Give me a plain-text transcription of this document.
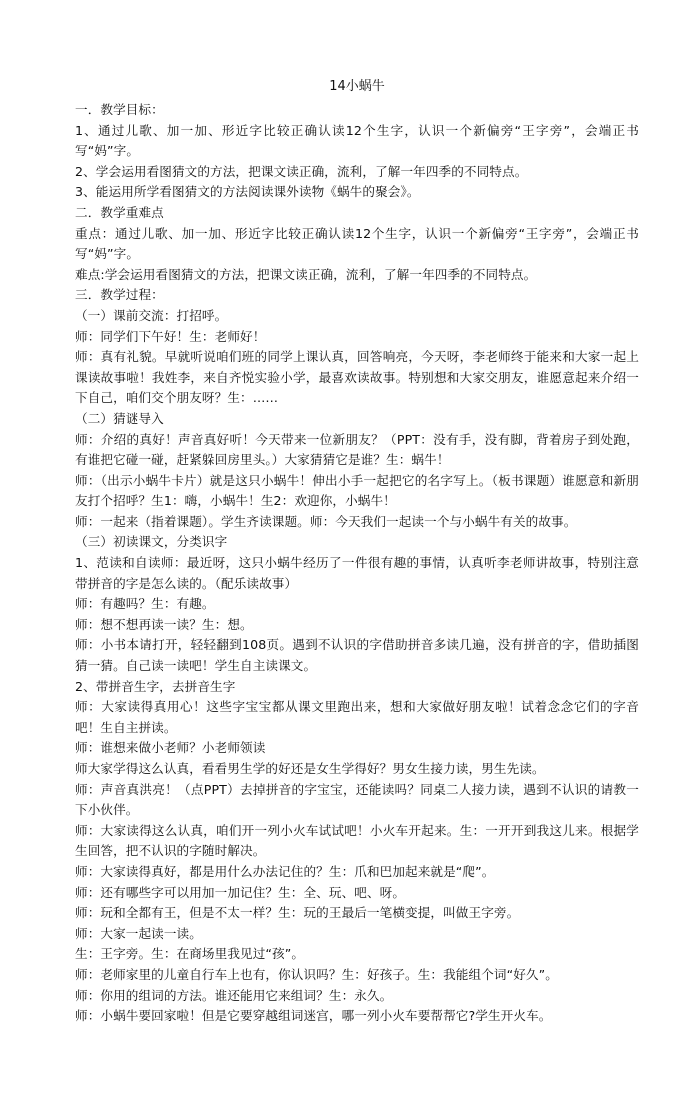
14小蜗牛

一．教学目标：

1、通过儿歌、加一加、形近字比较正确认读12个生字，认识一个新偏旁“王字旁”，会端正书写“妈”字。

2、学会运用看图猜文的方法，把课文读正确，流利，了解一年四季的不同特点。

3、能运用所学看图猜文的方法阅读课外读物《蜗牛的聚会》。

二．教学重难点

重点：通过儿歌、加一加、形近字比较正确认读12个生字，认识一个新偏旁“王字旁”，会端正书写“妈”字。

难点:学会运用看图猜文的方法，把课文读正确，流利，了解一年四季的不同特点。

三．教学过程：

（一）课前交流：打招呼。

师：同学们下午好！生：老师好！

师：真有礼貌。早就听说咱们班的同学上课认真，回答响亮，今天呀，李老师终于能来和大家一起上课读故事啦！我姓李，来自齐悦实验小学，最喜欢读故事。特别想和大家交朋友，谁愿意起来介绍一下自己，咱们交个朋友呀？生：……

（二）猜谜导入

师：介绍的真好！声音真好听！今天带来一位新朋友？（PPT：没有手，没有脚，背着房子到处跑，有谁把它碰一碰，赶紧躲回房里头。）大家猜猜它是谁？生：蜗牛！

师：（出示小蜗牛卡片）就是这只小蜗牛！伸出小手一起把它的名字写上。（板书课题）谁愿意和新朋友打个招呼？生1：嗨，小蜗牛！生2：欢迎你，小蜗牛！

师：一起来（指着课题）。学生齐读课题。师：今天我们一起读一个与小蜗牛有关的故事。

（三）初读课文，分类识字

1、范读和自读师：最近呀，这只小蜗牛经历了一件很有趣的事情，认真听李老师讲故事，特别注意带拼音的字是怎么读的。（配乐读故事）

师：有趣吗？生：有趣。

师：想不想再读一读？生：想。

师：小书本请打开，轻轻翻到108页。遇到不认识的字借助拼音多读几遍，没有拼音的字，借助插图猜一猜。自己读一读吧！学生自主读课文。

2、带拼音生字，去拼音生字

师：大家读得真用心！这些字宝宝都从课文里跑出来，想和大家做好朋友啦！试着念念它们的字音吧！生自主拼读。

师：谁想来做小老师？小老师领读

师大家学得这么认真，看看男生学的好还是女生学得好？男女生接力读，男生先读。

师：声音真洪亮！（点PPT）去掉拼音的字宝宝，还能读吗？同桌二人接力读，遇到不认识的请教一下小伙伴。

师：大家读得这么认真，咱们开一列小火车试试吧！小火车开起来。生：一开开到我这儿来。根据学生回答，把不认识的字随时解决。

师：大家读得真好，都是用什么办法记住的？生：爪和巴加起来就是“爬”。

师：还有哪些字可以用加一加记住？生：全、玩、吧、呀。

师：玩和全都有王，但是不太一样？生：玩的王最后一笔横变提，叫做王字旁。

师：大家一起读一读。

生：王字旁。生：在商场里我见过“孩”。

师：老师家里的儿童自行车上也有，你认识吗？生：好孩子。生：我能组个词“好久”。

师：你用的组词的方法。谁还能用它来组词？生：永久。

师：小蜗牛要回家啦！但是它要穿越组词迷宫，哪一列小火车要帮帮它?学生开火车。
